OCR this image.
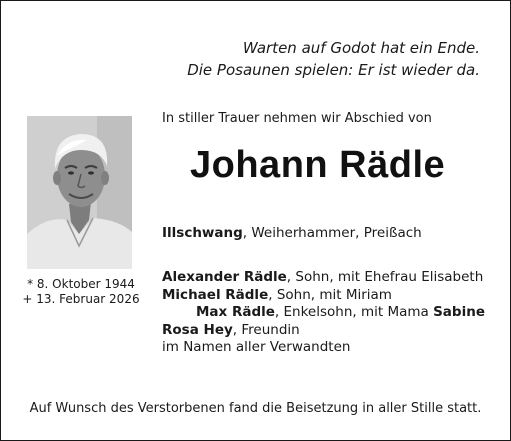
Warten auf Godot hat ein Ende.
Die Posaunen spielen: Er ist wieder da.
In stiller Trauer nehmen wir Abschied von
Johann Rädle
* 8. Oktober 1944
+ 13. Februar 2026
Illschwang, Weiherhammer, Preißach
Alexander Rädle, Sohn, mit Ehefrau Elisabeth
Michael Rädle, Sohn, mit Miriam
Max Rädle, Enkelsohn, mit Mama Sabine
Rosa Hey, Freundin
im Namen aller Verwandten
Auf Wunsch des Verstorbenen fand die Beisetzung in aller Stille statt.
